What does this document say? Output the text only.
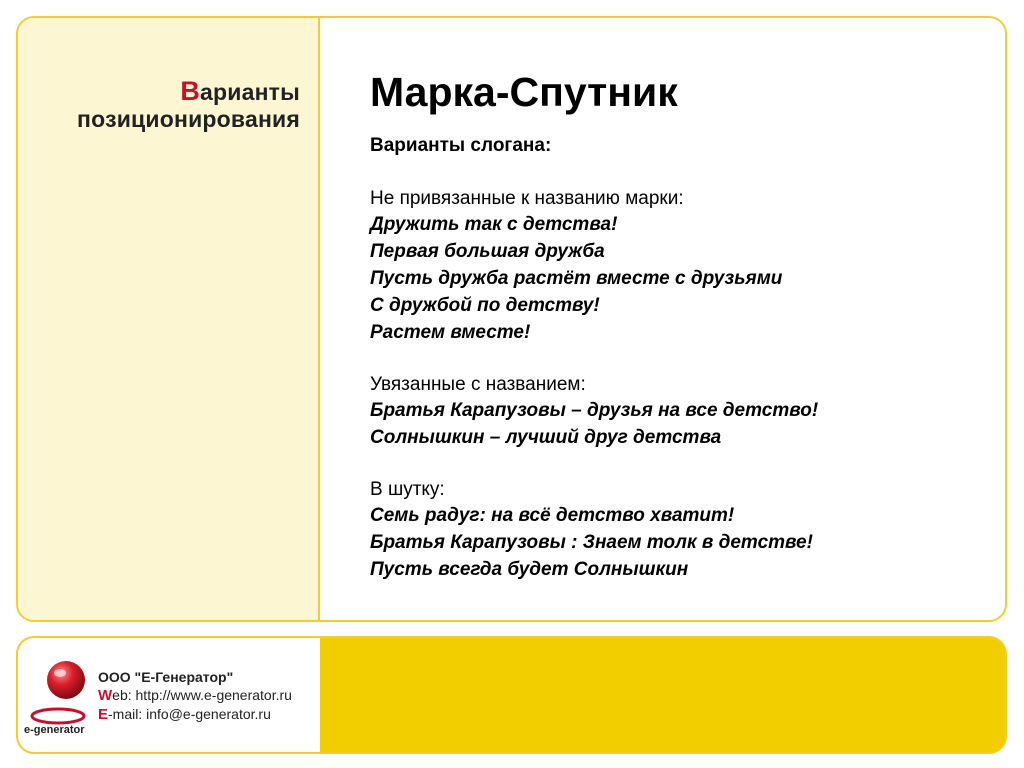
Варианты
позиционирования
Марка-Спутник
Варианты слогана:
Не привязанные к названию марки:
Дружить так с детства!
Первая большая дружба
Пусть дружба растёт вместе с друзьями
С дружбой по детству!
Растем вместе!
Увязанные с названием:
Братья Карапузовы – друзья на все детство!
Солнышкин – лучший друг детства
В шутку:
Семь радуг: на всё детство хватит!
Братья Карапузовы : Знаем толк в детстве!
Пусть всегда будет Солнышкин
e-generator
ООО "Е-Генератор"
Web: http://www.e-generator.ru
E-mail: info@e-generator.ru
